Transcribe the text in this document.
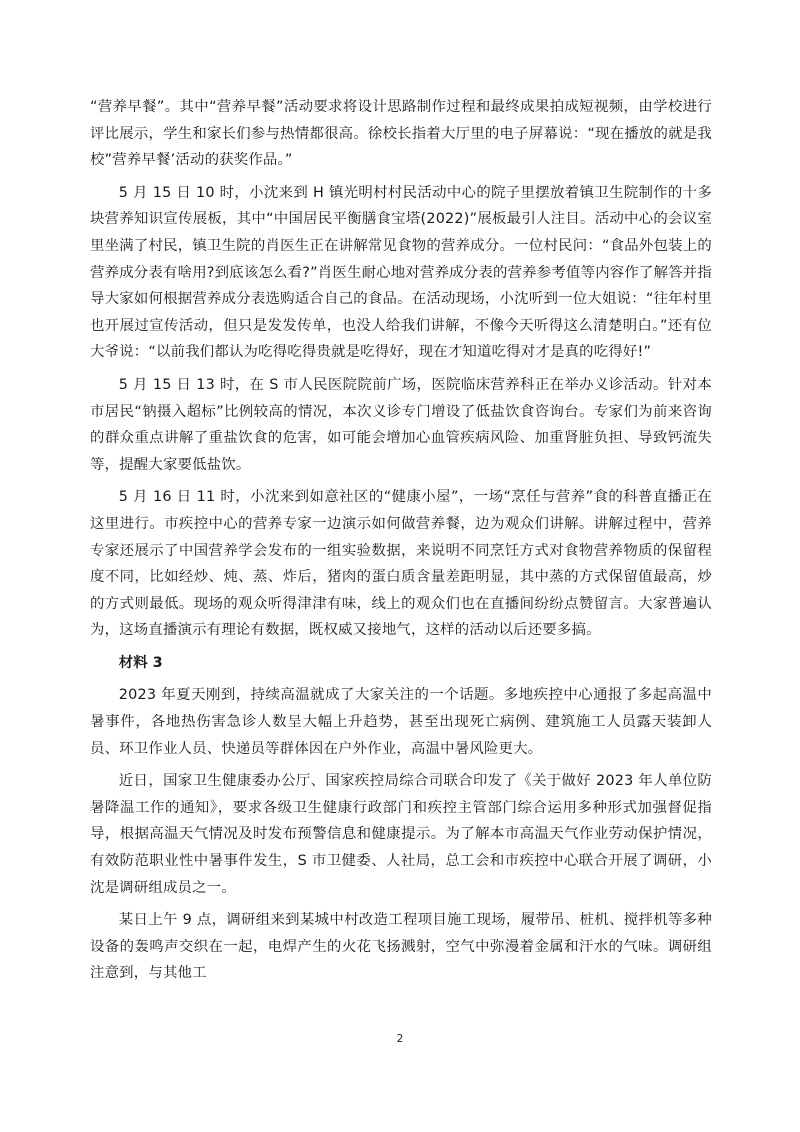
“营养早餐”。其中“营养早餐”活动要求将设计思路制作过程和最终成果拍成短视频，由学校进行评比展示，学生和家长们参与热情都很高。徐校长指着大厅里的电子屏幕说：“现在播放的就是我校”营养早餐’活动的获奖作品。”

5 月 15 日 10 时，小沈来到 H 镇光明村村民活动中心的院子里摆放着镇卫生院制作的十多块营养知识宣传展板，其中“中国居民平衡膳食宝塔(2022)”展板最引人注目。活动中心的会议室里坐满了村民，镇卫生院的肖医生正在讲解常见食物的营养成分。一位村民问：“食品外包装上的营养成分表有啥用?到底该怎么看?”肖医生耐心地对营养成分表的营养参考值等内容作了解答并指导大家如何根据营养成分表选购适合自己的食品。在活动现场，小沈听到一位大姐说：“往年村里也开展过宣传活动，但只是发发传单，也没人给我们讲解，不像今天听得这么清楚明白。”还有位大爷说：“以前我们都认为吃得吃得贵就是吃得好，现在才知道吃得对才是真的吃得好!”

5 月 15 日 13 时，在 S 市人民医院院前广场，医院临床营养科正在举办义诊活动。针对本市居民“钠摄入超标”比例较高的情况，本次义诊专门增设了低盐饮食咨询台。专家们为前来咨询的群众重点讲解了重盐饮食的危害，如可能会增加心血管疾病风险、加重肾脏负担、导致钙流失等，提醒大家要低盐饮。

5 月 16 日 11 时，小沈来到如意社区的“健康小屋”，一场“烹任与营养”食的科普直播正在这里进行。市疾控中心的营养专家一边演示如何做营养餐，边为观众们讲解。讲解过程中，营养专家还展示了中国营养学会发布的一组实验数据，来说明不同烹饪方式对食物营养物质的保留程度不同，比如经炒、炖、蒸、炸后，猪肉的蛋白质含量差距明显，其中蒸的方式保留值最高，炒的方式则最低。现场的观众听得津津有味，线上的观众们也在直播间纷纷点赞留言。大家普遍认为，这场直播演示有理论有数据，既权威又接地气，这样的活动以后还要多搞。

材料 3

2023 年夏天刚到，持续高温就成了大家关注的一个话题。多地疾控中心通报了多起高温中暑事件，各地热伤害急诊人数呈大幅上升趋势，甚至出现死亡病例、建筑施工人员露天装卸人员、环卫作业人员、快递员等群体因在户外作业，高温中暑风险更大。

近日，国家卫生健康委办公厅、国家疾控局综合司联合印发了《关于做好 2023 年人单位防暑降温工作的通知》，要求各级卫生健康行政部门和疾控主管部门综合运用多种形式加强督促指导，根据高温天气情况及时发布预警信息和健康提示。为了解本市高温天气作业劳动保护情况，有效防范职业性中暑事件发生，S 市卫健委、人社局，总工会和市疾控中心联合开展了调研，小沈是调研组成员之一。

某日上午 9 点，调研组来到某城中村改造工程项目施工现场，履带吊、桩机、搅拌机等多种设备的轰鸣声交织在一起，电焊产生的火花飞扬溅射，空气中弥漫着金属和汗水的气味。调研组注意到，与其他工

2
